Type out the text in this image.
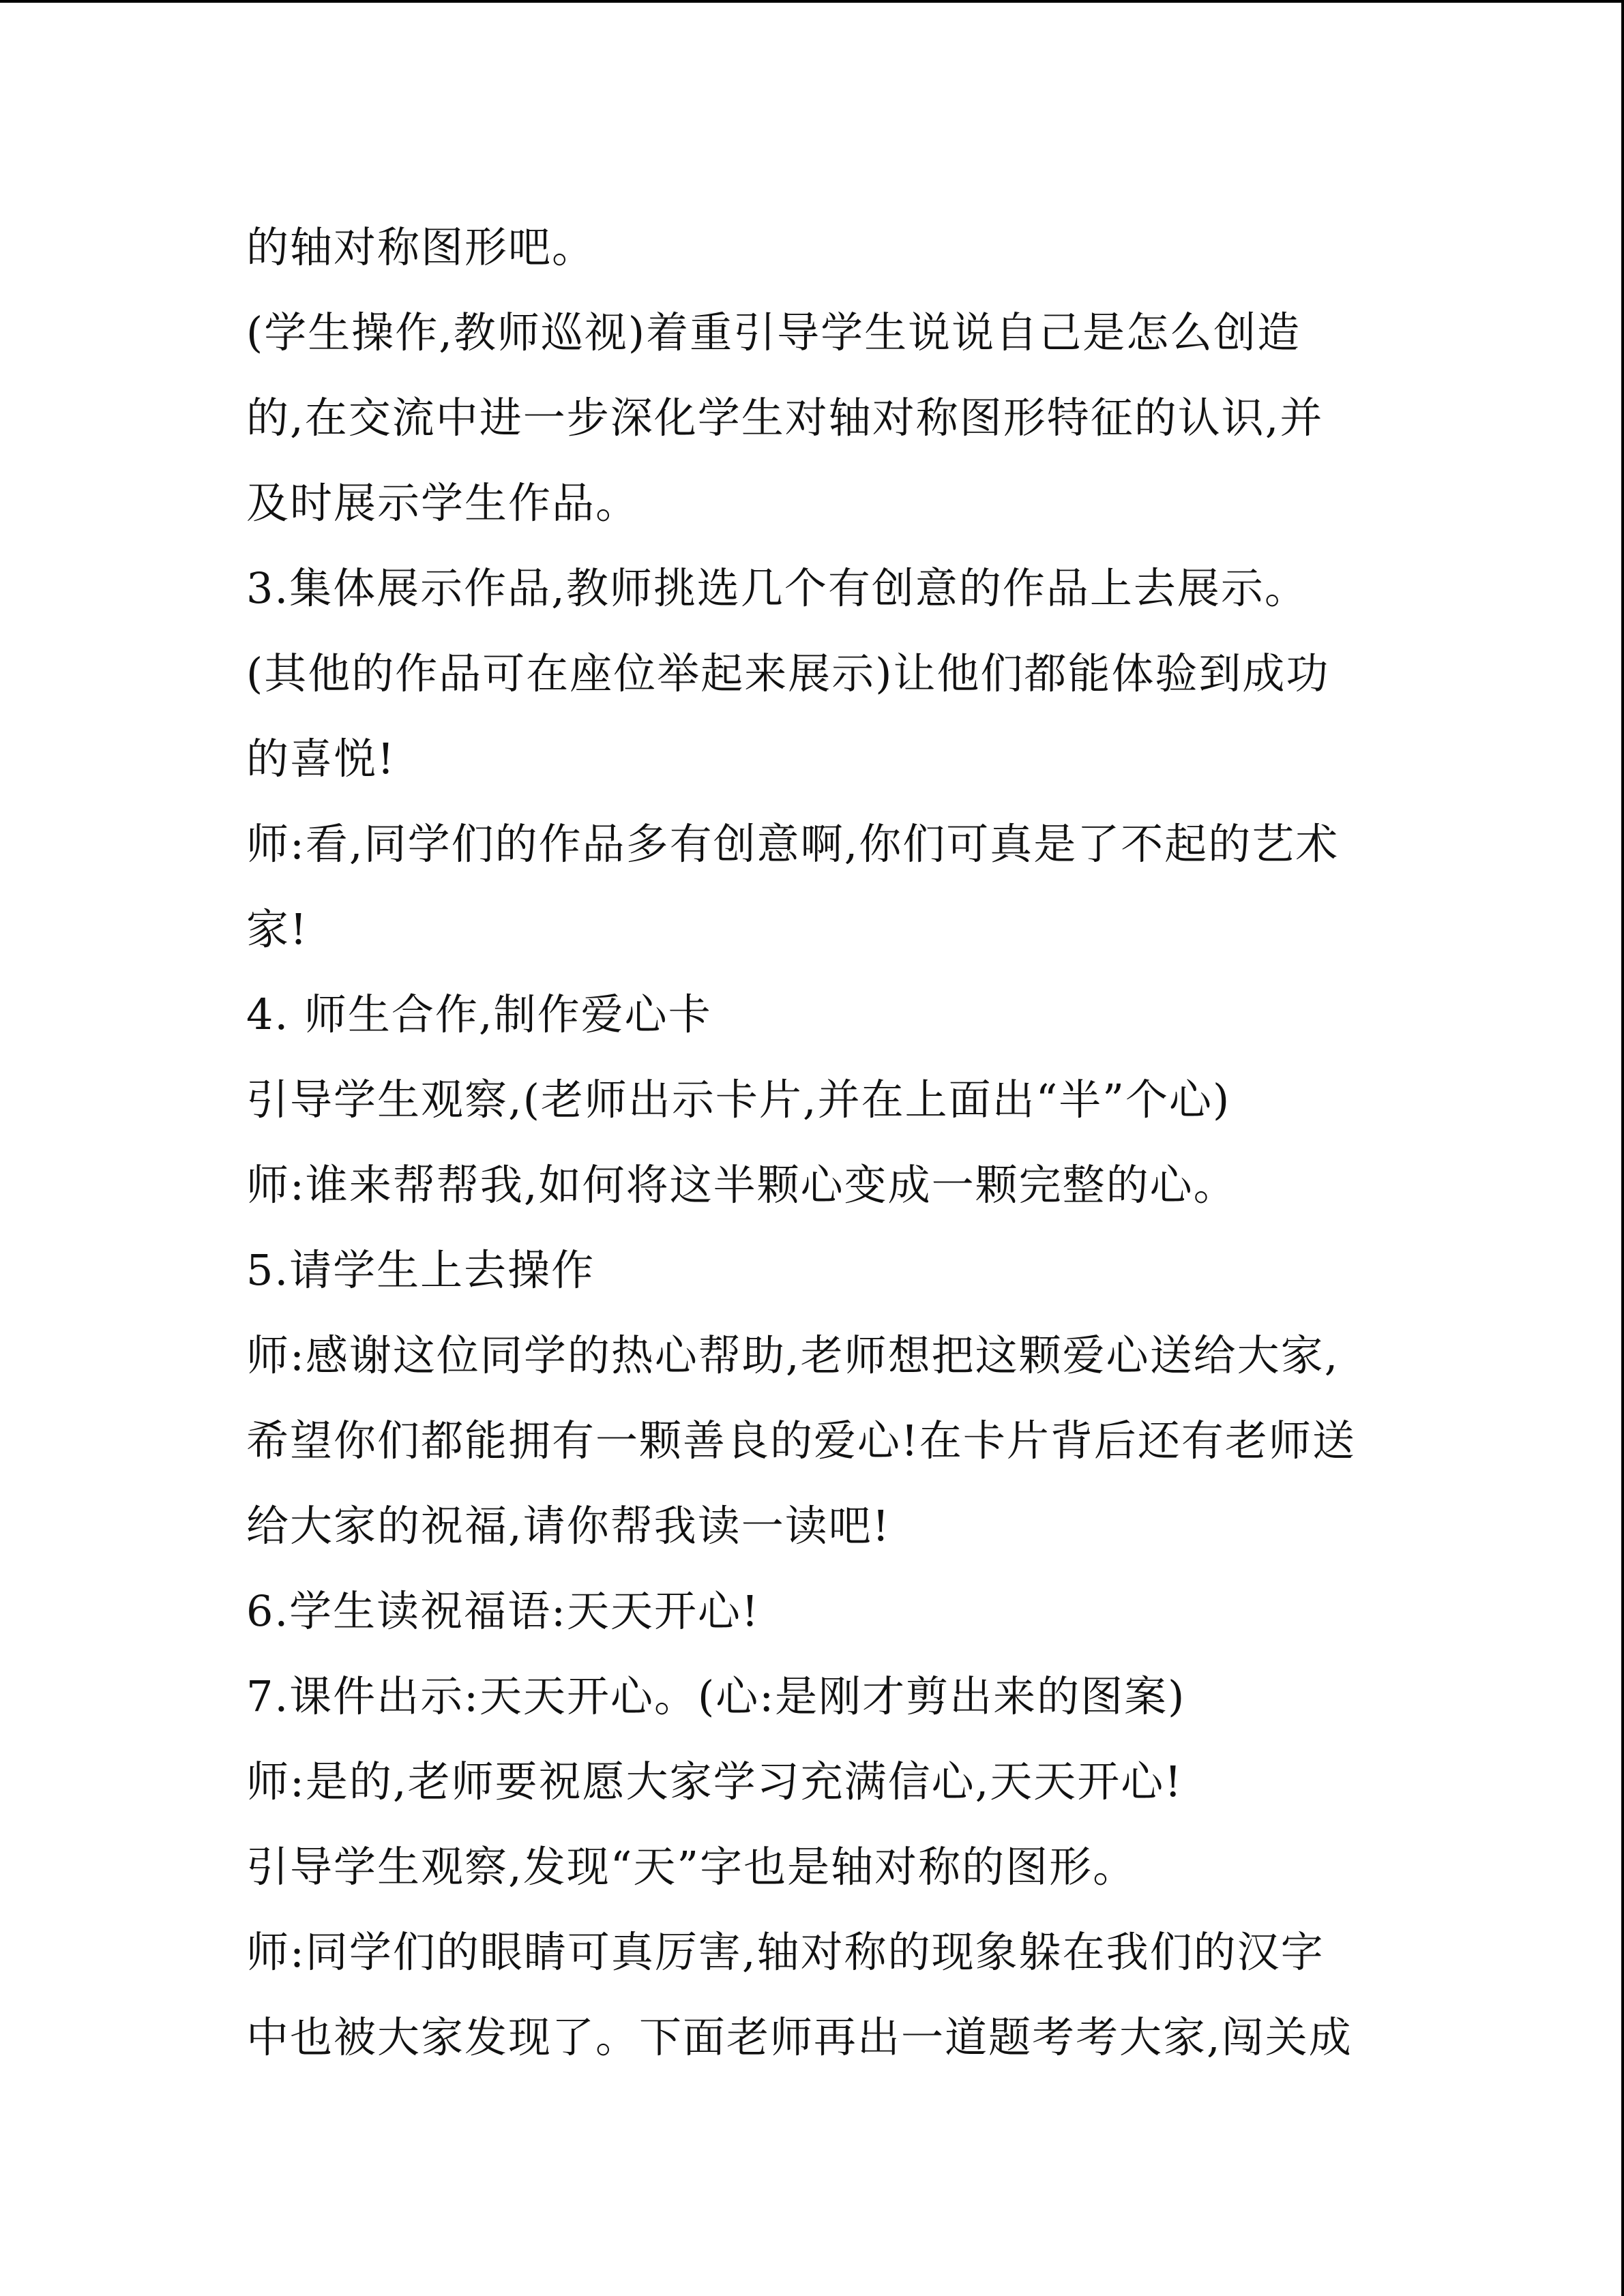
的轴对称图形吧。
(学生操作,教师巡视)着重引导学生说说自己是怎么创造
的,在交流中进一步深化学生对轴对称图形特征的认识,并
及时展示学生作品。
3.集体展示作品,教师挑选几个有创意的作品上去展示。
(其他的作品可在座位举起来展示)让他们都能体验到成功
的喜悦!
师:看,同学们的作品多有创意啊,你们可真是了不起的艺术
家!
4. 师生合作,制作爱心卡
引导学生观察,(老师出示卡片,并在上面出“半”个心)
师:谁来帮帮我,如何将这半颗心变成一颗完整的心。
5.请学生上去操作
师:感谢这位同学的热心帮助,老师想把这颗爱心送给大家,
希望你们都能拥有一颗善良的爱心!在卡片背后还有老师送
给大家的祝福,请你帮我读一读吧!
6.学生读祝福语:天天开心!
7.课件出示:天天开心。(心:是刚才剪出来的图案)
师:是的,老师要祝愿大家学习充满信心,天天开心!
引导学生观察,发现“天”字也是轴对称的图形。
师:同学们的眼睛可真厉害,轴对称的现象躲在我们的汉字
中也被大家发现了。下面老师再出一道题考考大家,闯关成
